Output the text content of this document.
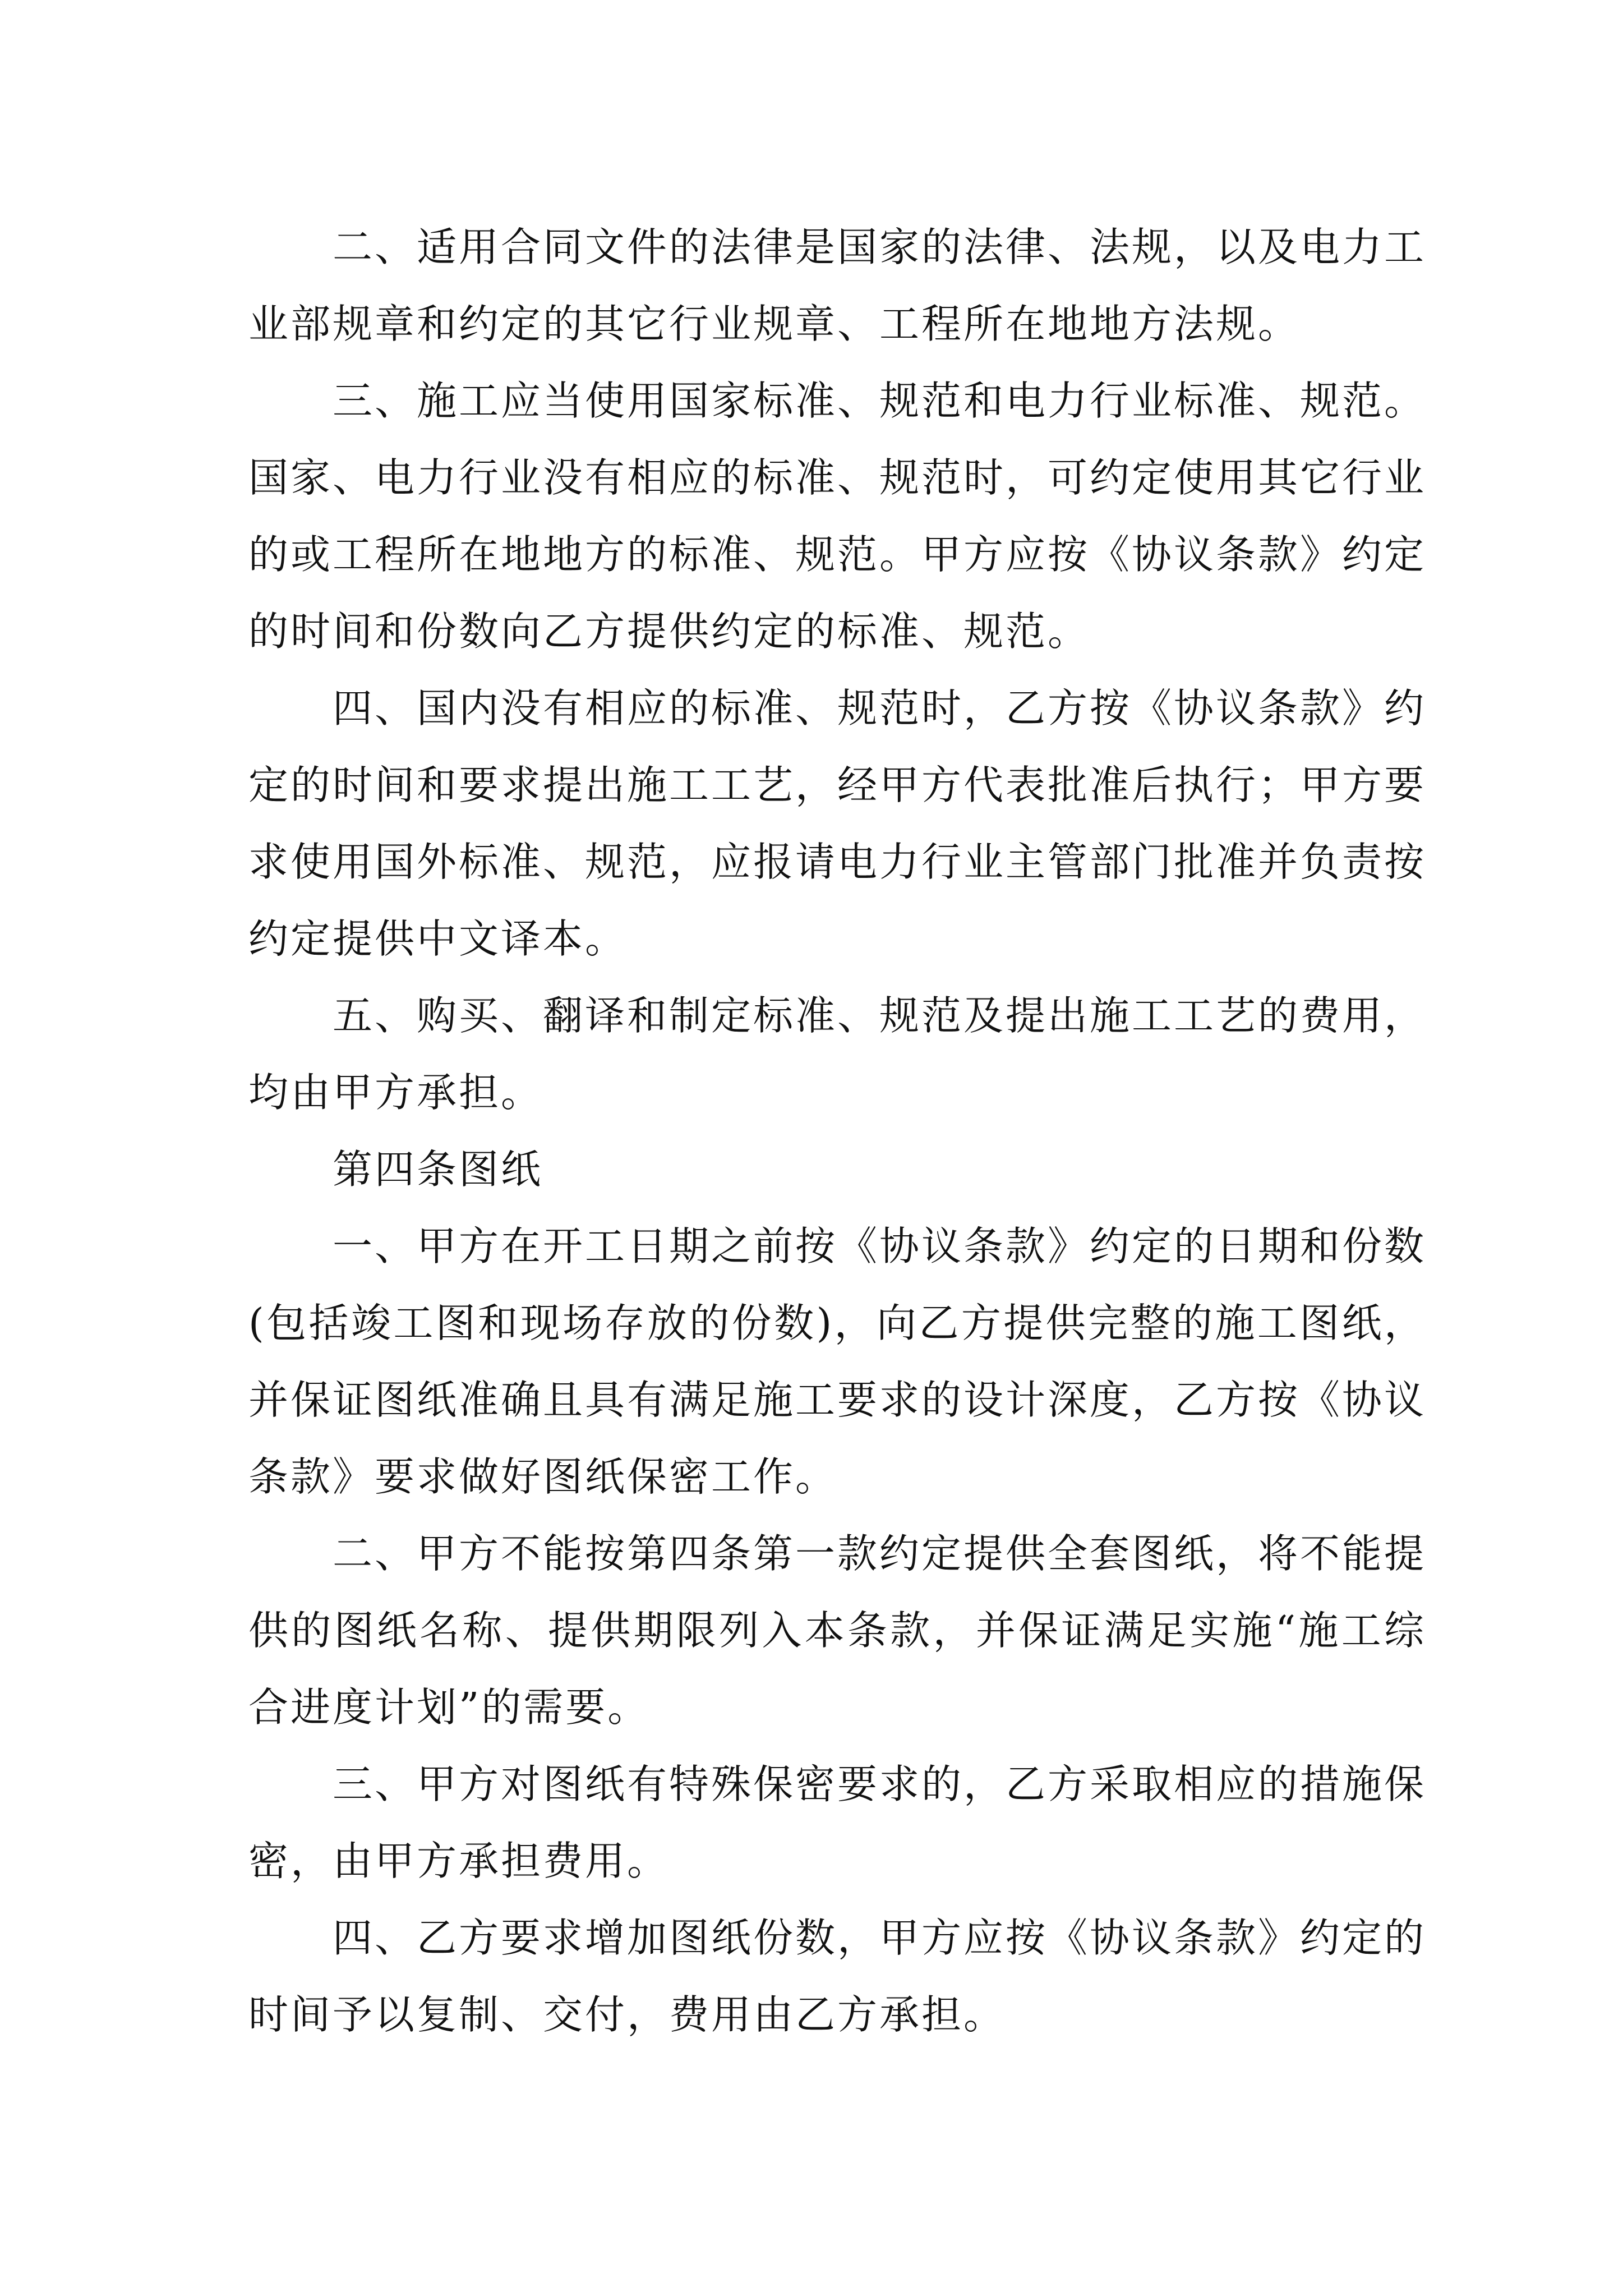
二、适用合同文件的法律是国家的法律、法规，以及电力工业部规章和约定的其它行业规章、工程所在地地方法规。

三、施工应当使用国家标准、规范和电力行业标准、规范。国家、电力行业没有相应的标准、规范时，可约定使用其它行业的或工程所在地地方的标准、规范。甲方应按《协议条款》约定的时间和份数向乙方提供约定的标准、规范。

四、国内没有相应的标准、规范时，乙方按《协议条款》约定的时间和要求提出施工工艺，经甲方代表批准后执行；甲方要求使用国外标准、规范，应报请电力行业主管部门批准并负责按约定提供中文译本。

五、购买、翻译和制定标准、规范及提出施工工艺的费用，均由甲方承担。

第四条图纸

一、甲方在开工日期之前按《协议条款》约定的日期和份数(包括竣工图和现场存放的份数)，向乙方提供完整的施工图纸，并保证图纸准确且具有满足施工要求的设计深度，乙方按《协议条款》要求做好图纸保密工作。

二、甲方不能按第四条第一款约定提供全套图纸，将不能提供的图纸名称、提供期限列入本条款，并保证满足实施“施工综合进度计划”的需要。

三、甲方对图纸有特殊保密要求的，乙方采取相应的措施保密，由甲方承担费用。

四、乙方要求增加图纸份数，甲方应按《协议条款》约定的时间予以复制、交付，费用由乙方承担。
